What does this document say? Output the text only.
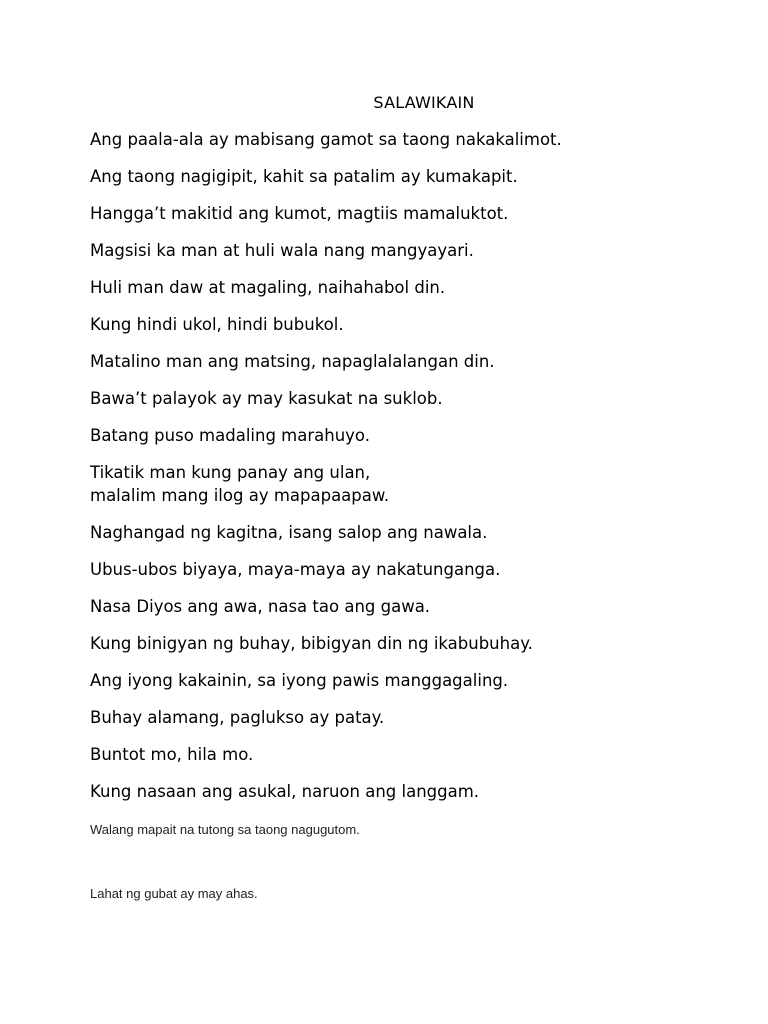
SALAWIKAIN
Ang paala-ala ay mabisang gamot sa taong nakakalimot.
Ang taong nagigipit, kahit sa patalim ay kumakapit.
Hangga’t makitid ang kumot, magtiis mamaluktot.
Magsisi ka man at huli wala nang mangyayari.
Huli man daw at magaling, naihahabol din.
Kung hindi ukol, hindi bubukol.
Matalino man ang matsing, napaglalalangan din.
Bawa’t palayok ay may kasukat na suklob.
Batang puso madaling marahuyo.
Tikatik man kung panay ang ulan,
malalim mang ilog ay mapapaapaw.
Naghangad ng kagitna, isang salop ang nawala.
Ubus-ubos biyaya, maya-maya ay nakatunganga.
Nasa Diyos ang awa, nasa tao ang gawa.
Kung binigyan ng buhay, bibigyan din ng ikabubuhay.
Ang iyong kakainin, sa iyong pawis manggagaling.
Buhay alamang, paglukso ay patay.
Buntot mo, hila mo.
Kung nasaan ang asukal, naruon ang langgam.
Walang mapait na tutong sa taong nagugutom.
Lahat ng gubat ay may ahas.
